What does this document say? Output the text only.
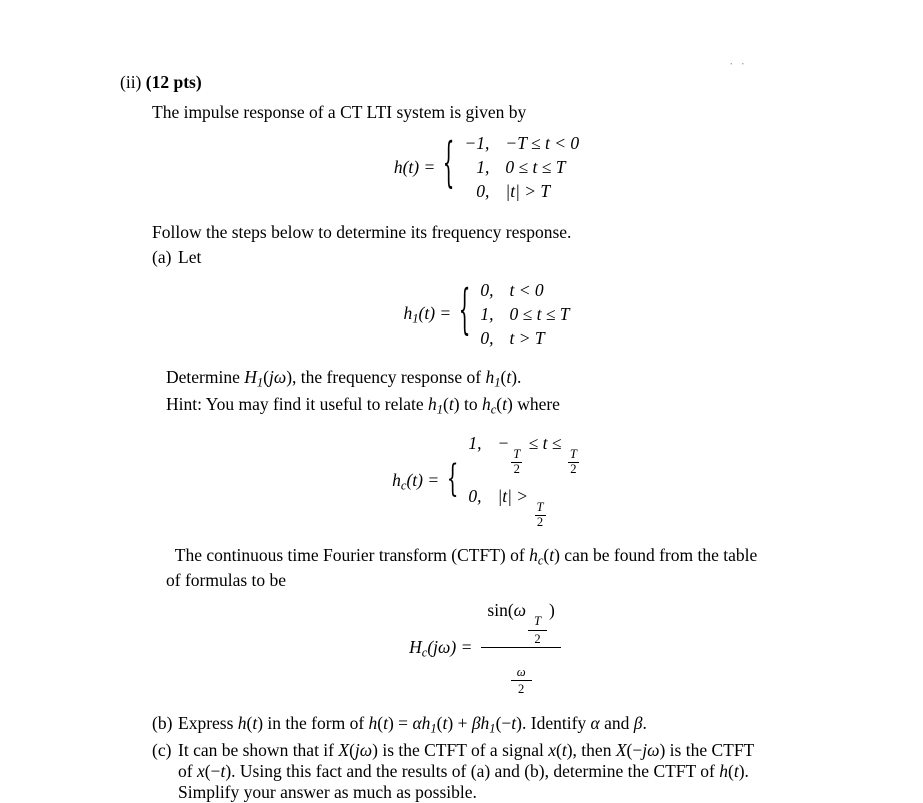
· ·
(ii) (12 pts)
The impulse response of a CT LTI system is given by
h(t) = { −1, −T ≤ t < 0
1, 0 ≤ t ≤ T
0, |t| > T
Follow the steps below to determine its frequency response.
(a) Let
$h_1(t)$ = { 0, t < 0
1, 0 ≤ t ≤ T
0, t > T
Determine $H_1(j\omega)$, the frequency response of $h_1(t)$.
Hint: You may find it useful to relate $h_1(t)$ to $h_c(t)$ where
$h_c(t)$ = {
1, −
$\frac{T}{2}$
≤ t ≤
$\frac{T}{2}$
0, |t| >
$\frac{T}{2}$
The continuous time Fourier transform (CTFT) of $h_c(t)$ can be found from the table
of formulas to be
$H_c(j\omega)$ =
sin(ω
$\frac{T}{2}$
)
$\frac{\omega}{2}$
(b) Express h(t) in the form of $h(t) = \alpha h_1(t) + \beta h_1(-t)$. Identify α and β.
(c) It can be shown that if X(jω) is the CTFT of a signal x(t), then X(−jω) is the CTFT
of x(−t). Using this fact and the results of (a) and (b), determine the CTFT of h(t).
Simplify your answer as much as possible.
